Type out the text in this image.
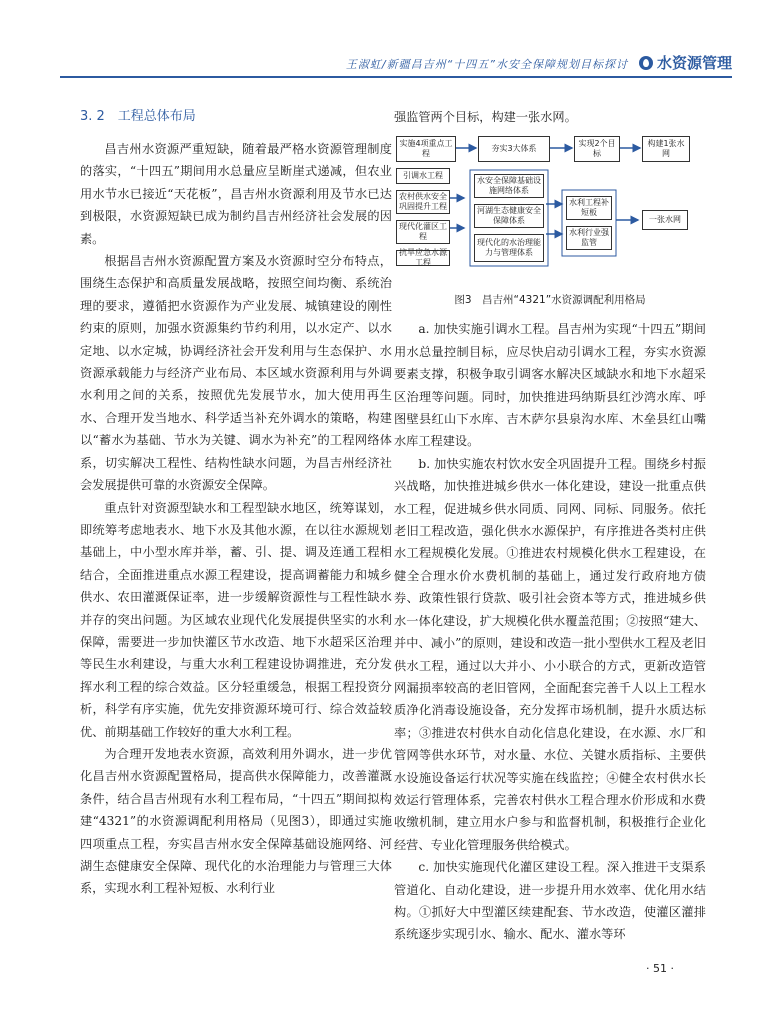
王淑虹/新疆昌吉州“十四五”水安全保障规划目标探讨 水资源管理
3. 2　工程总体布局

昌吉州水资源严重短缺，随着最严格水资源管理制度的落实，“十四五”期间用水总量应呈断崖式递减，但农业用水节水已接近“天花板”，昌吉州水资源利用及节水已达到极限，水资源短缺已成为制约昌吉州经济社会发展的因素。

根据昌吉州水资源配置方案及水资源时空分布特点，围绕生态保护和高质量发展战略，按照空间均衡、系统治理的要求，遵循把水资源作为产业发展、城镇建设的刚性约束的原则，加强水资源集约节约利用，以水定产、以水定地、以水定城，协调经济社会开发利用与生态保护、水资源承载能力与经济产业布局、本区域水资源利用与外调水利用之间的关系，按照优先发展节水，加大使用再生水、合理开发当地水、科学适当补充外调水的策略，构建以“蓄水为基础、节水为关键、调水为补充”的工程网络体系，切实解决工程性、结构性缺水问题，为昌吉州经济社会发展提供可靠的水资源安全保障。

重点针对资源型缺水和工程型缺水地区，统筹谋划，即统筹考虑地表水、地下水及其他水源，在以往水源规划基础上，中小型水库并举，蓄、引、提、调及连通工程相结合，全面推进重点水源工程建设，提高调蓄能力和城乡供水、农田灌溉保证率，进一步缓解资源性与工程性缺水并存的突出问题。为区域农业现代化发展提供坚实的水利保障，需要进一步加快灌区节水改造、地下水超采区治理等民生水利建设，与重大水利工程建设协调推进，充分发挥水利工程的综合效益。区分轻重缓急，根据工程投资分析，科学有序实施，优先安排资源环境可行、综合效益较优、前期基础工作较好的重大水利工程。

为合理开发地表水资源，高效利用外调水，进一步优化昌吉州水资源配置格局，提高供水保障能力，改善灌溉条件，结合昌吉州现有水利工程布局，“十四五”期间拟构建“4321”的水资源调配利用格局（见图3），即通过实施四项重点工程，夯实昌吉州水安全保障基础设施网络、河湖生态健康安全保障、现代化的水治理能力与管理三大体系，实现水利工程补短板、水利行业

强监管两个目标，构建一张水网。

实施4项重点工程
夯实3大体系
实现2个目标
构建1张水网
引调水工程
农村供水安全巩固提升工程
现代化灌区工程
抗旱应急水源工程
水安全保障基础设施网络体系
河湖生态健康安全保障体系
现代化的水治理能力与管理体系
水利工程补短板
水利行业强监管
一张水网
图3　昌吉州“4321”水资源调配利用格局

a. 加快实施引调水工程。昌吉州为实现“十四五”期间用水总量控制目标，应尽快启动引调水工程，夯实水资源要素支撑，积极争取引调客水解决区域缺水和地下水超采区治理等问题。同时，加快推进玛纳斯县红沙湾水库、呼图壁县红山下水库、吉木萨尔县泉沟水库、木垒县红山嘴水库工程建设。

b. 加快实施农村饮水安全巩固提升工程。围绕乡村振兴战略，加快推进城乡供水一体化建设，建设一批重点供水工程，促进城乡供水同质、同网、同标、同服务。依托老旧工程改造，强化供水水源保护，有序推进各类村庄供水工程规模化发展。①推进农村规模化供水工程建设，在健全合理水价水费机制的基础上，通过发行政府地方债券、政策性银行贷款、吸引社会资本等方式，推进城乡供水一体化建设，扩大规模化供水覆盖范围；②按照“建大、并中、减小”的原则，建设和改造一批小型供水工程及老旧供水工程，通过以大并小、小小联合的方式，更新改造管网漏损率较高的老旧管网，全面配套完善千人以上工程水质净化消毒设施设备，充分发挥市场机制，提升水质达标率；③推进农村供水自动化信息化建设，在水源、水厂和管网等供水环节，对水量、水位、关键水质指标、主要供水设施设备运行状况等实施在线监控；④健全农村供水长效运行管理体系，完善农村供水工程合理水价形成和水费收缴机制，建立用水户参与和监督机制，积极推行企业化经营、专业化管理服务供给模式。

c. 加快实施现代化灌区建设工程。深入推进干支渠系管道化、自动化建设，进一步提升用水效率、优化用水结构。①抓好大中型灌区续建配套、节水改造，使灌区灌排系统逐步实现引水、输水、配水、灌水等环

· 51 ·
